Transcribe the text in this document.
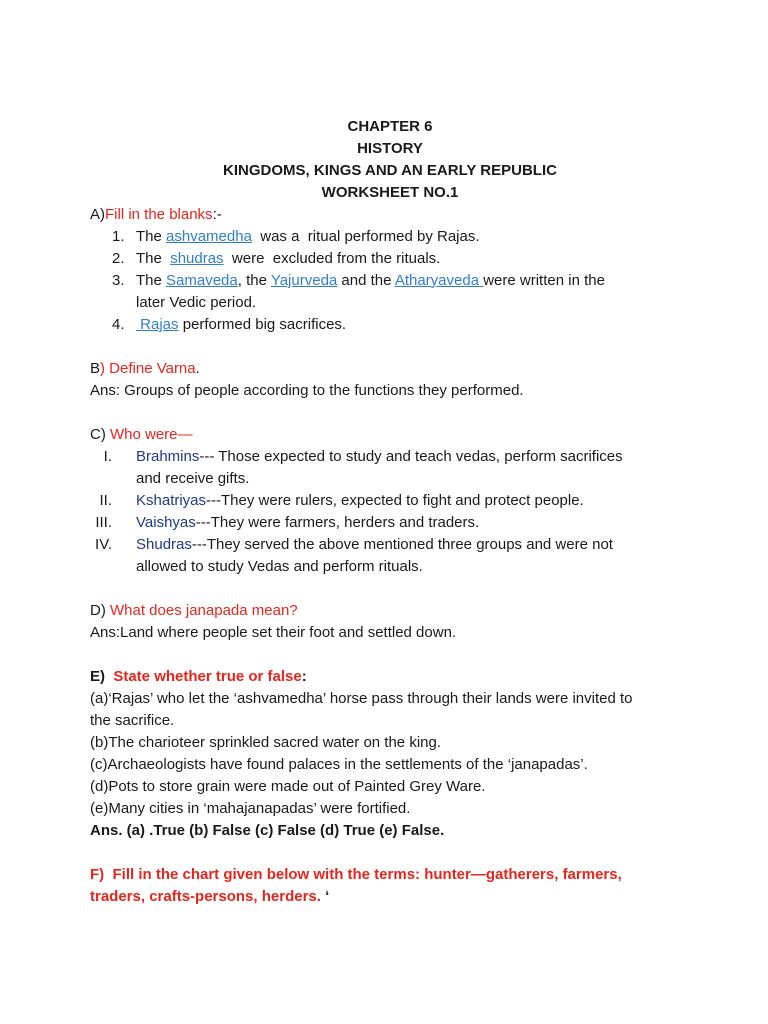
CHAPTER 6

HISTORY

KINGDOMS, KINGS AND AN EARLY REPUBLIC

WORKSHEET NO.1

A)Fill in the blanks:-

1. The ashvamedha  was a  ritual performed by Rajas.
2. The  shudras  were  excluded from the rituals.
3. The Samaveda, the Yajurveda and the Atharyaveda were written in the
later Vedic period.
4. Rajas performed big sacrifices.

B) Define Varna.

Ans: Groups of people according to the functions they performed.

C) Who were—

I. Brahmins--- Those expected to study and teach vedas, perform sacrifices
and receive gifts.
II. Kshatriyas---They were rulers, expected to fight and protect people.
III. Vaishyas---They were farmers, herders and traders.
IV. Shudras---They served the above mentioned three groups and were not
allowed to study Vedas and perform rituals.

D) What does janapada mean?

Ans:Land where people set their foot and settled down.

E)  State whether true or false:

(a)‘Rajas’ who let the ‘ashvamedha’ horse pass through their lands were invited to

the sacrifice.

(b)The charioteer sprinkled sacred water on the king.

(c)Archaeologists have found palaces in the settlements of the ‘janapadas’.

(d)Pots to store grain were made out of Painted Grey Ware.

(e)Many cities in ‘mahajanapadas’ were fortified.

Ans. (a) .True (b) False (c) False (d) True (e) False.

F)  Fill in the chart given below with the terms: hunter—gatherers, farmers,

traders, crafts-persons, herders. ‘
